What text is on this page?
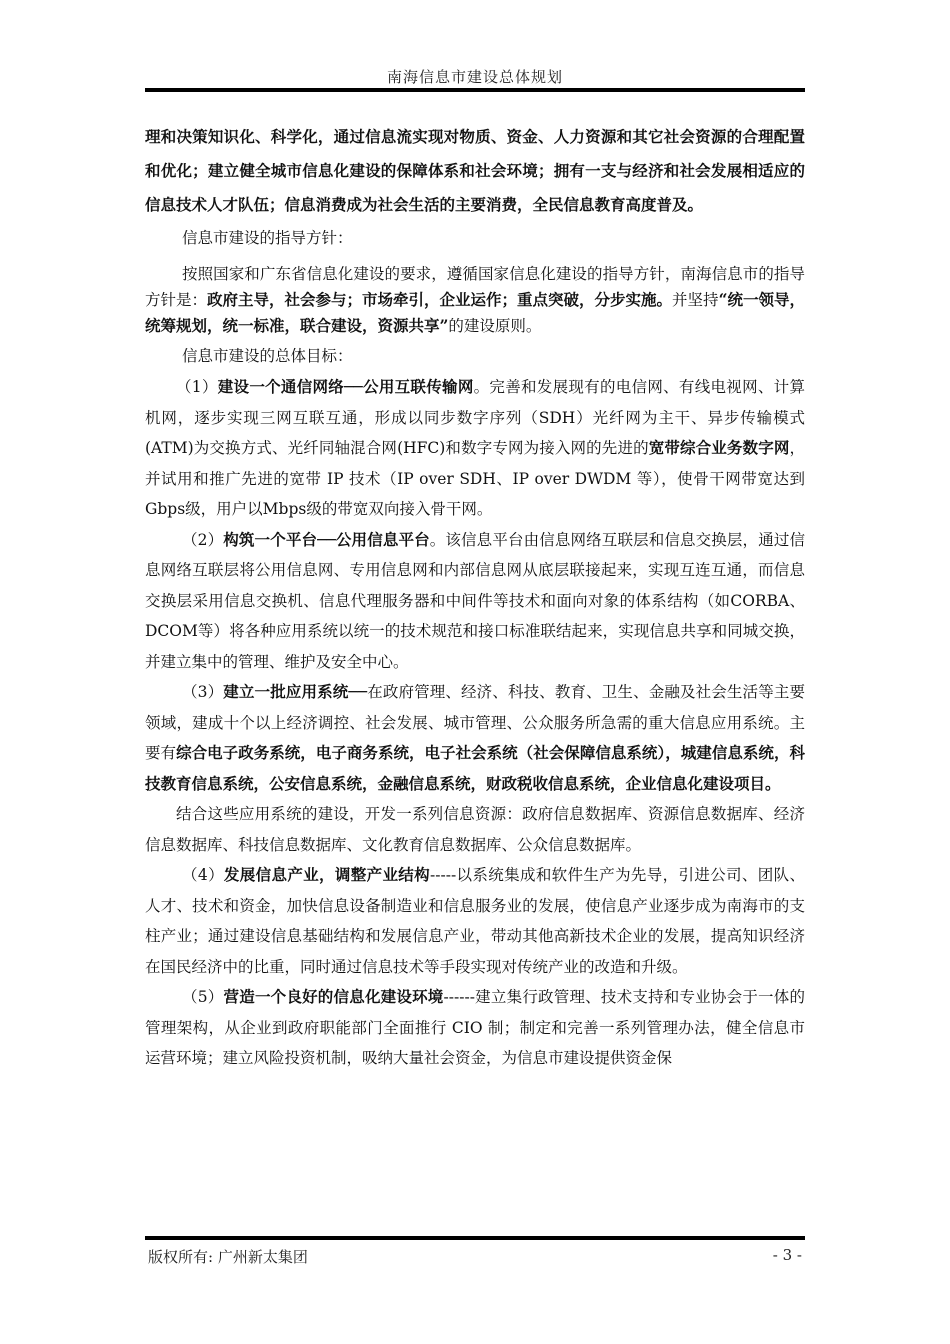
南海信息市建设总体规划

理和决策知识化、科学化，通过信息流实现对物质、资金、人力资源和其它社会资源的合理配置和优化；建立健全城市信息化建设的保障体系和社会环境；拥有一支与经济和社会发展相适应的信息技术人才队伍；信息消费成为社会生活的主要消费，全民信息教育高度普及。

信息市建设的指导方针：

按照国家和广东省信息化建设的要求，遵循国家信息化建设的指导方针，南海信息市的指导方针是：政府主导，社会参与；市场牵引，企业运作；重点突破，分步实施。并坚持“统一领导，统筹规划，统一标准，联合建设，资源共享”的建设原则。

信息市建设的总体目标：

（1）建设一个通信网络──公用互联传输网。完善和发展现有的电信网、有线电视网、计算机网，逐步实现三网互联互通，形成以同步数字序列（SDH）光纤网为主干、异步传输模式(ATM)为交换方式、光纤同轴混合网(HFC)和数字专网为接入网的先进的宽带综合业务数字网，并试用和推广先进的宽带 IP 技术（IP over SDH、IP over DWDM 等），使骨干网带宽达到Gbps级，用户以Mbps级的带宽双向接入骨干网。

（2）构筑一个平台──公用信息平台。该信息平台由信息网络互联层和信息交换层，通过信息网络互联层将公用信息网、专用信息网和内部信息网从底层联接起来，实现互连互通，而信息交换层采用信息交换机、信息代理服务器和中间件等技术和面向对象的体系结构（如CORBA、DCOM等）将各种应用系统以统一的技术规范和接口标准联结起来，实现信息共享和同城交换，并建立集中的管理、维护及安全中心。

（3）建立一批应用系统──在政府管理、经济、科技、教育、卫生、金融及社会生活等主要领域，建成十个以上经济调控、社会发展、城市管理、公众服务所急需的重大信息应用系统。主要有综合电子政务系统，电子商务系统，电子社会系统（社会保障信息系统），城建信息系统，科技教育信息系统，公安信息系统，金融信息系统，财政税收信息系统，企业信息化建设项目。

结合这些应用系统的建设，开发一系列信息资源：政府信息数据库、资源信息数据库、经济信息数据库、科技信息数据库、文化教育信息数据库、公众信息数据库。

（4）发展信息产业，调整产业结构-----以系统集成和软件生产为先导，引进公司、团队、人才、技术和资金，加快信息设备制造业和信息服务业的发展，使信息产业逐步成为南海市的支柱产业；通过建设信息基础结构和发展信息产业，带动其他高新技术企业的发展，提高知识经济在国民经济中的比重，同时通过信息技术等手段实现对传统产业的改造和升级。

（5）营造一个良好的信息化建设环境------建立集行政管理、技术支持和专业协会于一体的管理架构，从企业到政府职能部门全面推行 CIO 制；制定和完善一系列管理办法，健全信息市运营环境；建立风险投资机制，吸纳大量社会资金，为信息市建设提供资金保

版权所有: 广州新太集团	- 3 -
